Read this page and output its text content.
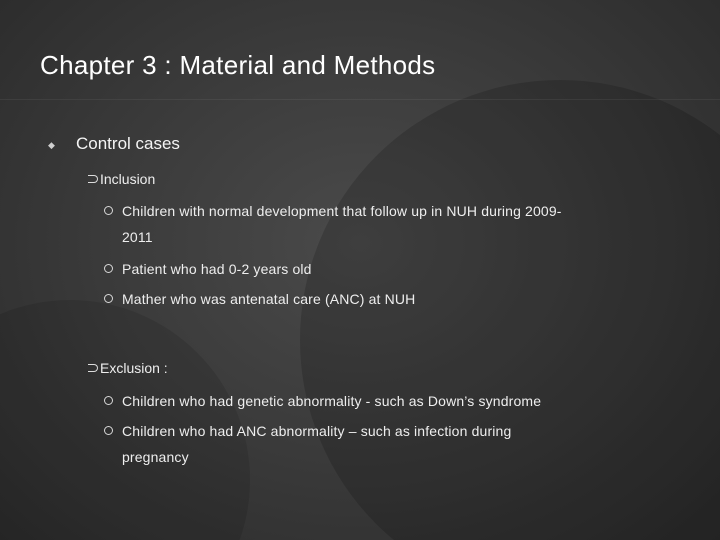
Chapter 3 : Material and Methods
◆ Control cases
Inclusion
Children with normal development that follow up in NUH during 2009-
2011
Patient who had 0-2 years old
Mather who was antenatal care (ANC) at NUH
Exclusion :
Children who had genetic abnormality - such as Down’s syndrome
Children who had ANC abnormality – such as infection during
pregnancy
